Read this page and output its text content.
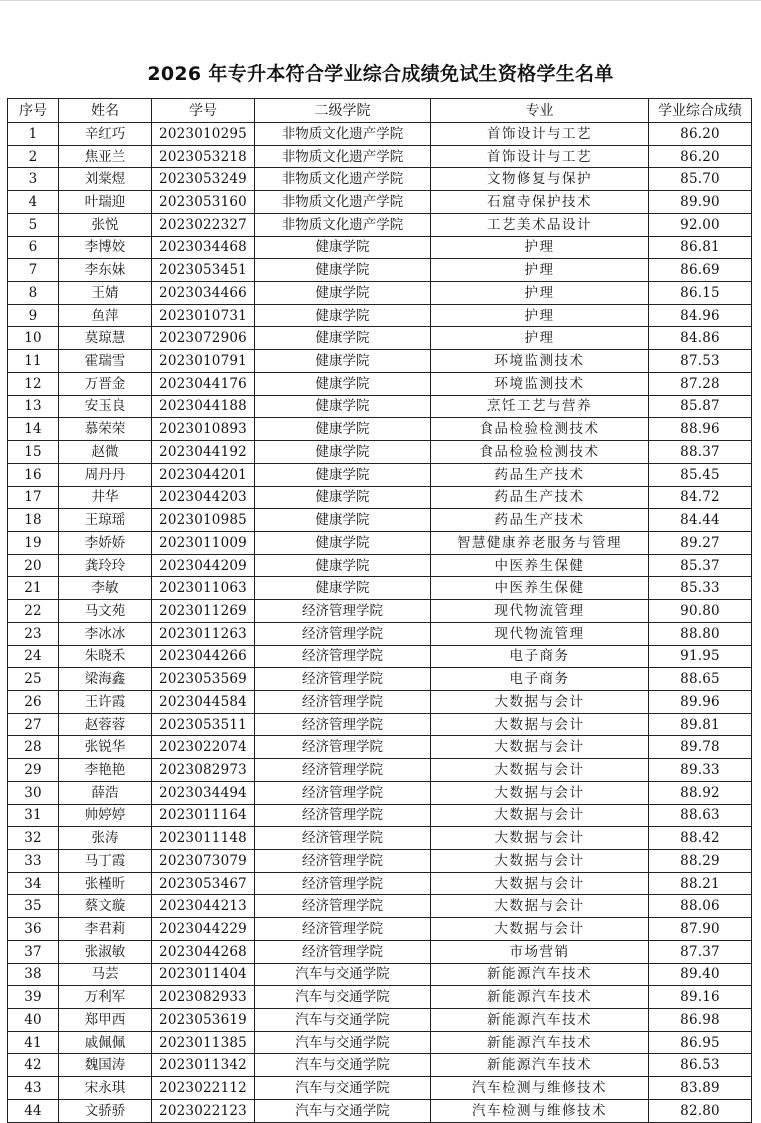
2026 年专升本符合学业综合成绩免试生资格学生名单
序号	姓名	学号	二级学院	专业	学业综合成绩
1	辛红巧	2023010295	非物质文化遗产学院	首饰设计与工艺	86.20
2	焦亚兰	2023053218	非物质文化遗产学院	首饰设计与工艺	86.20
3	刘棠煜	2023053249	非物质文化遗产学院	文物修复与保护	85.70
4	叶瑞迎	2023053160	非物质文化遗产学院	石窟寺保护技术	89.90
5	张悦	2023022327	非物质文化遗产学院	工艺美术品设计	92.00
6	李博姣	2023034468	健康学院	护理	86.81
7	李东妹	2023053451	健康学院	护理	86.69
8	王婧	2023034466	健康学院	护理	86.15
9	鱼萍	2023010731	健康学院	护理	84.96
10	莫琼慧	2023072906	健康学院	护理	84.86
11	霍瑞雪	2023010791	健康学院	环境监测技术	87.53
12	万晋金	2023044176	健康学院	环境监测技术	87.28
13	安玉良	2023044188	健康学院	烹饪工艺与营养	85.87
14	慕荣荣	2023010893	健康学院	食品检验检测技术	88.96
15	赵微	2023044192	健康学院	食品检验检测技术	88.37
16	周丹丹	2023044201	健康学院	药品生产技术	85.45
17	井华	2023044203	健康学院	药品生产技术	84.72
18	王琼瑶	2023010985	健康学院	药品生产技术	84.44
19	李娇娇	2023011009	健康学院	智慧健康养老服务与管理	89.27
20	龚玲玲	2023044209	健康学院	中医养生保健	85.37
21	李敏	2023011063	健康学院	中医养生保健	85.33
22	马文苑	2023011269	经济管理学院	现代物流管理	90.80
23	李冰冰	2023011263	经济管理学院	现代物流管理	88.80
24	朱晓禾	2023044266	经济管理学院	电子商务	91.95
25	梁海鑫	2023053569	经济管理学院	电子商务	88.65
26	王许霞	2023044584	经济管理学院	大数据与会计	89.96
27	赵蓉蓉	2023053511	经济管理学院	大数据与会计	89.81
28	张锐华	2023022074	经济管理学院	大数据与会计	89.78
29	李艳艳	2023082973	经济管理学院	大数据与会计	89.33
30	薛浩	2023034494	经济管理学院	大数据与会计	88.92
31	帅婷婷	2023011164	经济管理学院	大数据与会计	88.63
32	张涛	2023011148	经济管理学院	大数据与会计	88.42
33	马丁霞	2023073079	经济管理学院	大数据与会计	88.29
34	张槿昕	2023053467	经济管理学院	大数据与会计	88.21
35	蔡文璇	2023044213	经济管理学院	大数据与会计	88.06
36	李君莉	2023044229	经济管理学院	大数据与会计	87.90
37	张淑敏	2023044268	经济管理学院	市场营销	87.37
38	马芸	2023011404	汽车与交通学院	新能源汽车技术	89.40
39	万利军	2023082933	汽车与交通学院	新能源汽车技术	89.16
40	郑甲西	2023053619	汽车与交通学院	新能源汽车技术	86.98
41	戚佩佩	2023011385	汽车与交通学院	新能源汽车技术	86.95
42	魏国涛	2023011342	汽车与交通学院	新能源汽车技术	86.53
43	宋永琪	2023022112	汽车与交通学院	汽车检测与维修技术	83.89
44	文骄骄	2023022123	汽车与交通学院	汽车检测与维修技术	82.80
